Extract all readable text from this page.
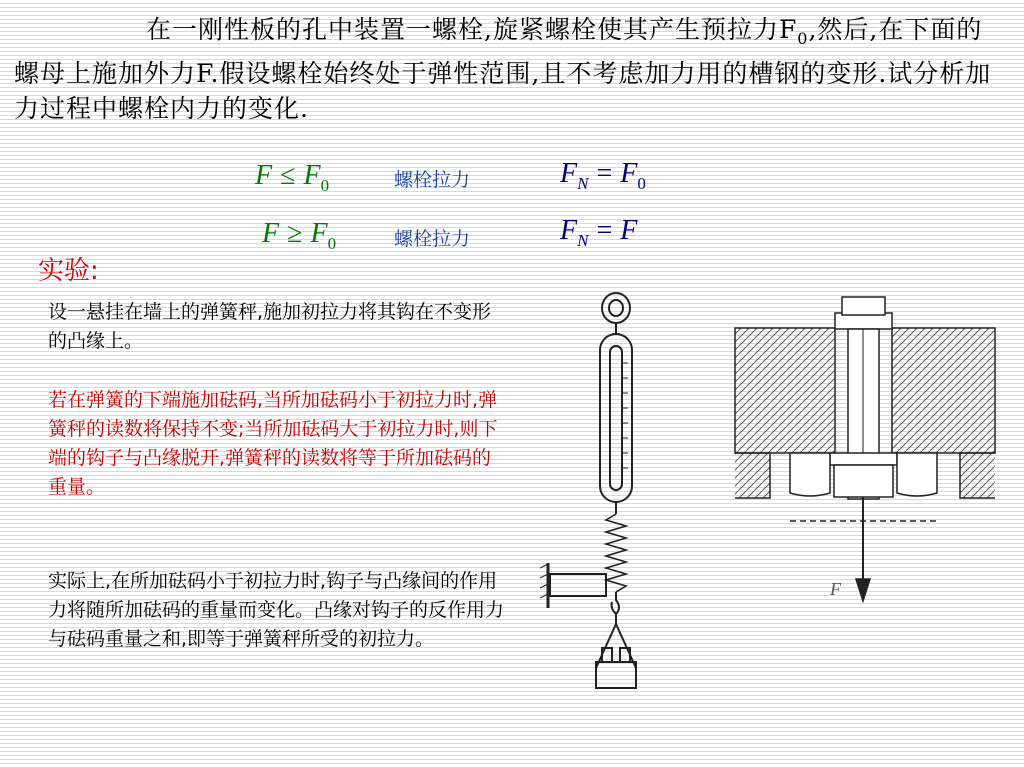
在一刚性板的孔中装置一螺栓,旋紧螺栓使其产生预拉力$F_0$,然后,在下面的螺母上施加外力F.假设螺栓始终处于弹性范围,且不考虑加力用的槽钢的变形.试分析加力过程中螺栓内力的变化.
$F \le F_0$	螺栓拉力	$F_N = F_0$
$F \ge F_0$	螺栓拉力	$F_N = F$
实验:
设一悬挂在墙上的弹簧秤,施加初拉力将其钩在不变形的凸缘上。
若在弹簧的下端施加砝码,当所加砝码小于初拉力时,弹簧秤的读数将保持不变;当所加砝码大于初拉力时,则下端的钩子与凸缘脱开,弹簧秤的读数将等于所加砝码的重量。
实际上,在所加砝码小于初拉力时,钩子与凸缘间的作用力将随所加砝码的重量而变化。凸缘对钩子的反作用力与砝码重量之和,即等于弹簧秤所受的初拉力。
F
